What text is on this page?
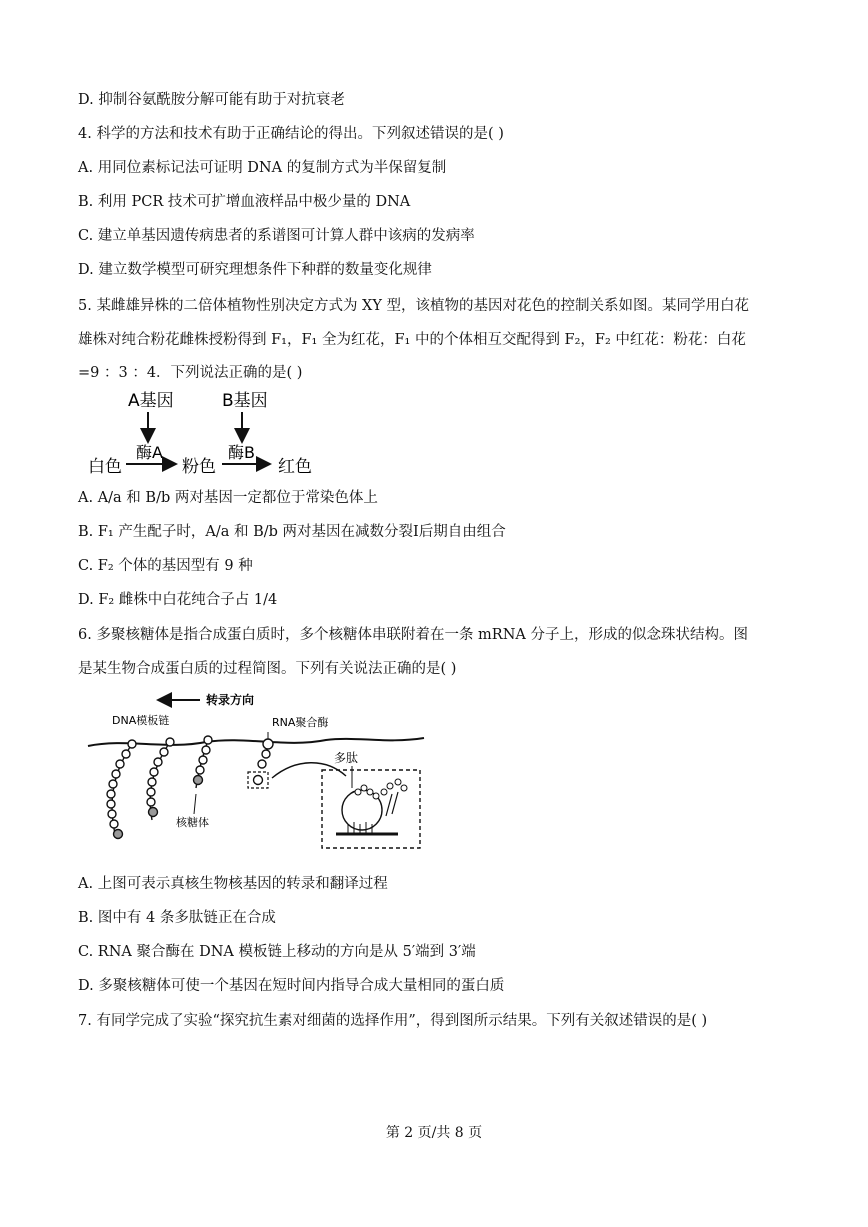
D. 抑制谷氨酰胺分解可能有助于对抗衰老
4. 科学的方法和技术有助于正确结论的得出。下列叙述错误的是( )
A. 用同位素标记法可证明 DNA 的复制方式为半保留复制
B. 利用 PCR 技术可扩增血液样品中极少量的 DNA
C. 建立单基因遗传病患者的系谱图可计算人群中该病的发病率
D. 建立数学模型可研究理想条件下种群的数量变化规律
5. 某雌雄异株的二倍体植物性别决定方式为 XY 型，该植物的基因对花色的控制关系如图。某同学用白花
雄株对纯合粉花雌株授粉得到 F₁，F₁ 全为红花，F₁ 中的个体相互交配得到 F₂，F₂ 中红花：粉花：白花
=9 ：3 ：4．下列说法正确的是( )
A基因	B基因
酶A	酶B
白色	粉色	红色
A. A/a 和 B/b 两对基因一定都位于常染色体上
B. F₁ 产生配子时，A/a 和 B/b 两对基因在减数分裂Ⅰ后期自由组合
C. F₂ 个体的基因型有 9 种
D. F₂ 雌株中白花纯合子占 1/4
6. 多聚核糖体是指合成蛋白质时，多个核糖体串联附着在一条 mRNA 分子上，形成的似念珠状结构。图
是某生物合成蛋白质的过程简图。下列有关说法正确的是( )
转录方向
DNA模板链	RNA聚合酶
核糖体
多肽
A. 上图可表示真核生物核基因的转录和翻译过程
B. 图中有 4 条多肽链正在合成
C. RNA 聚合酶在 DNA 模板链上移动的方向是从 5′端到 3′端
D. 多聚核糖体可使一个基因在短时间内指导合成大量相同的蛋白质
7. 有同学完成了实验“探究抗生素对细菌的选择作用”，得到图所示结果。下列有关叙述错误的是( )
第 2 页/共 8 页
